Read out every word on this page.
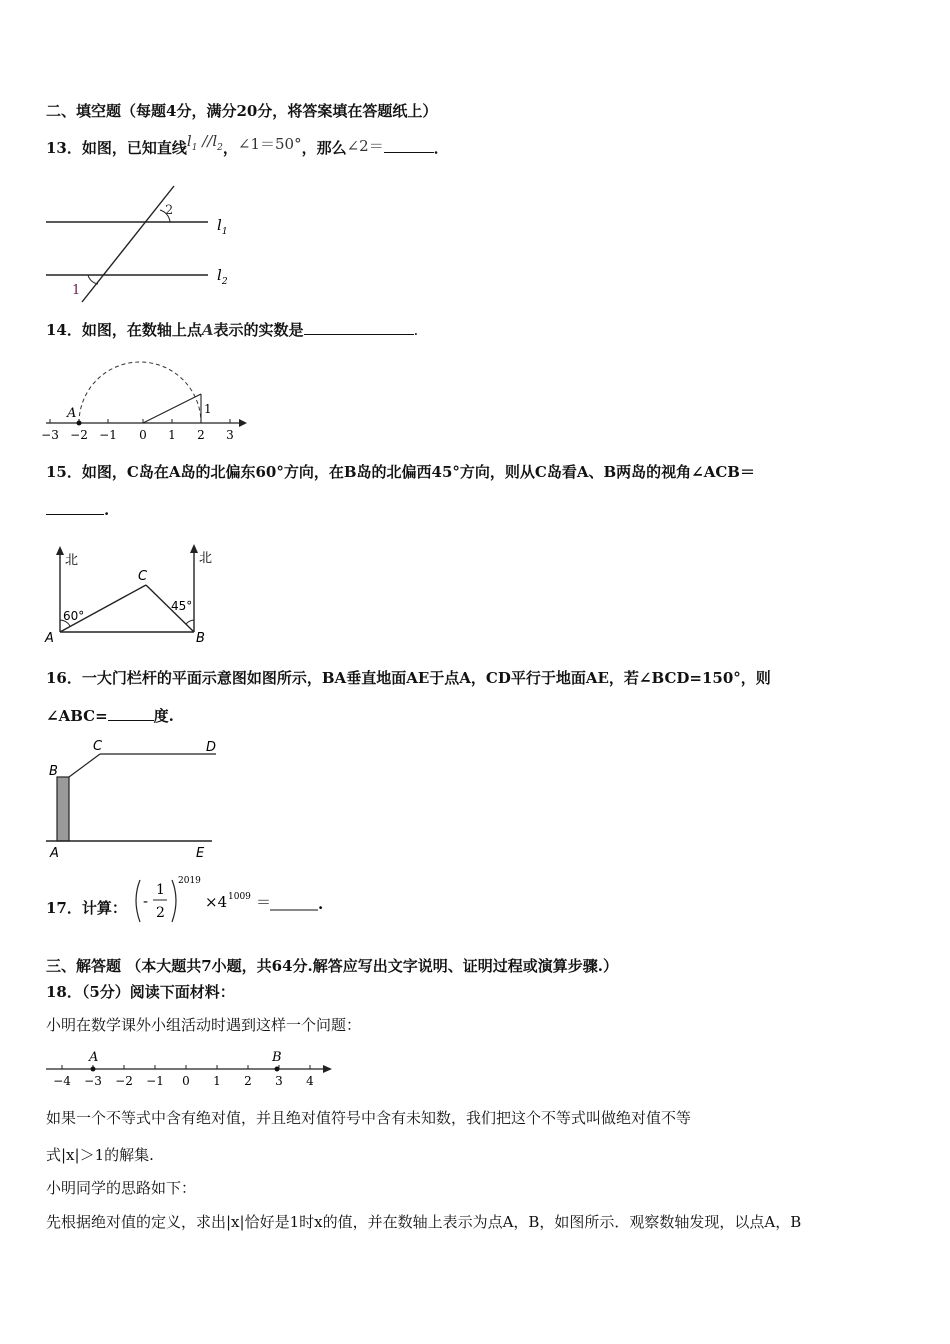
二、填空题（每题4分，满分20分，将答案填在答题纸上）
13．如图，已知直线$l_1$ $//l_2$，∠1＝50°，那么∠2＝	．
2
1
$l_1$
$l_2$
14．如图，在数轴上点A表示的实数是	.
A	1
−3 −2 −1 0 1 2 3
15．如图，C岛在A岛的北偏东60°方向，在B岛的北偏西45°方向，则从C岛看A、B两岛的视角∠ACB＝
.
北	北
C
A	B
60°
45°
16．一大门栏杆的平面示意图如图所示，BA垂直地面AE于点A，CD平行于地面AE，若∠BCD=150°，则
∠ABC=	度.
B
C	D
A	E
17．计算： -
1
2
2019
×4 1009 ＝	.
三、解答题 （本大题共7小题，共64分.解答应写出文字说明、证明过程或演算步骤.）
18．（5分）阅读下面材料：
小明在数学课外小组活动时遇到这样一个问题：
A	B
−4 −3 −2 −1 0 1 2 3 4
如果一个不等式中含有绝对值，并且绝对值符号中含有未知数，我们把这个不等式叫做绝对值不等
式|x|＞1的解集.
小明同学的思路如下：
先根据绝对值的定义，求出|x|恰好是1时x的值，并在数轴上表示为点A，B，如图所示．观察数轴发现，以点A，B
